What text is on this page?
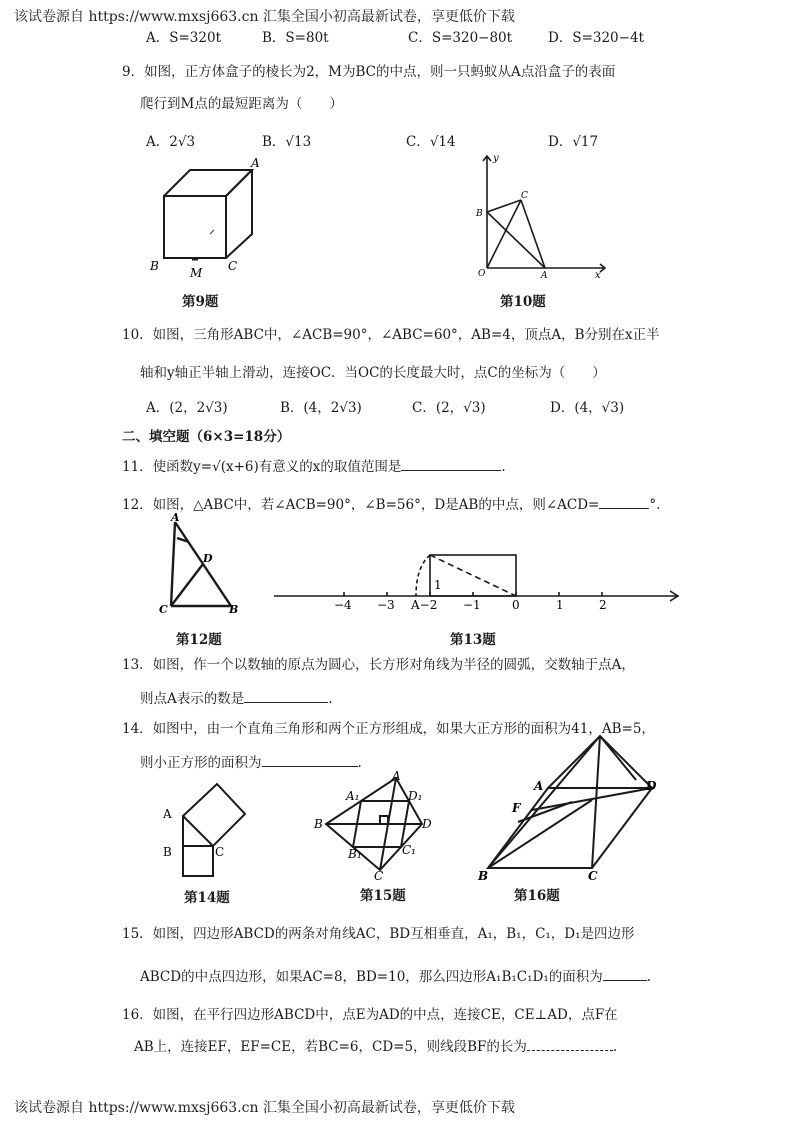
该试卷源自 https://www.mxsj663.cn 汇集全国小初高最新试卷，享更低价下载
A．S=320t	B．S=80t	C．S=320−80t	D．S=320−4t
9．如图，正方体盒子的棱长为2，M为BC的中点，则一只蚂蚁从A点沿盒子的表面
爬行到M点的最短距离为（　　）
A．2√3	B．√13	C．√14	D．√17
A
B	C
M
第9题
y
x
O	A
B
C
第10题
10．如图，三角形ABC中，∠ACB=90°，∠ABC=60°，AB=4，顶点A，B分别在x正半
轴和y轴正半轴上滑动，连接OC．当OC的长度最大时，点C的坐标为（　　）
A．(2，2√3)	B．(4，2√3)	C．(2，√3)	D．(4，√3)
二、填空题（6×3=18分）
11．使函数y=√(x+6)有意义的x的取值范围是	.
12．如图，△ABC中，若∠ACB=90°，∠B=56°，D是AB的中点，则∠ACD=	°.
A
D
C	B
第12题
−4 −3 A−2 −1	0	1	2
1
第13题
13．如图，作一个以数轴的原点为圆心，长方形对角线为半径的圆弧，交数轴于点A，
则点A表示的数是	.
14．如图中，由一个直角三角形和两个正方形组成，如果大正方形的面积为41，AB=5，
则小正方形的面积为	.
A
B	C
第14题
A
A₁	D₁
B	D
B₁	C₁
C
第15题
A
F
D
B	C
第16题
15．如图，四边形ABCD的两条对角线AC，BD互相垂直，A₁，B₁，C₁，D₁是四边形
ABCD的中点四边形，如果AC=8，BD=10，那么四边形A₁B₁C₁D₁的面积为	.
16．如图，在平行四边形ABCD中，点E为AD的中点，连接CE，CE⊥AD，点F在
AB上，连接EF，EF=CE，若BC=6，CD=5，则线段BF的长为	.
该试卷源自 https://www.mxsj663.cn 汇集全国小初高最新试卷，享更低价下载
